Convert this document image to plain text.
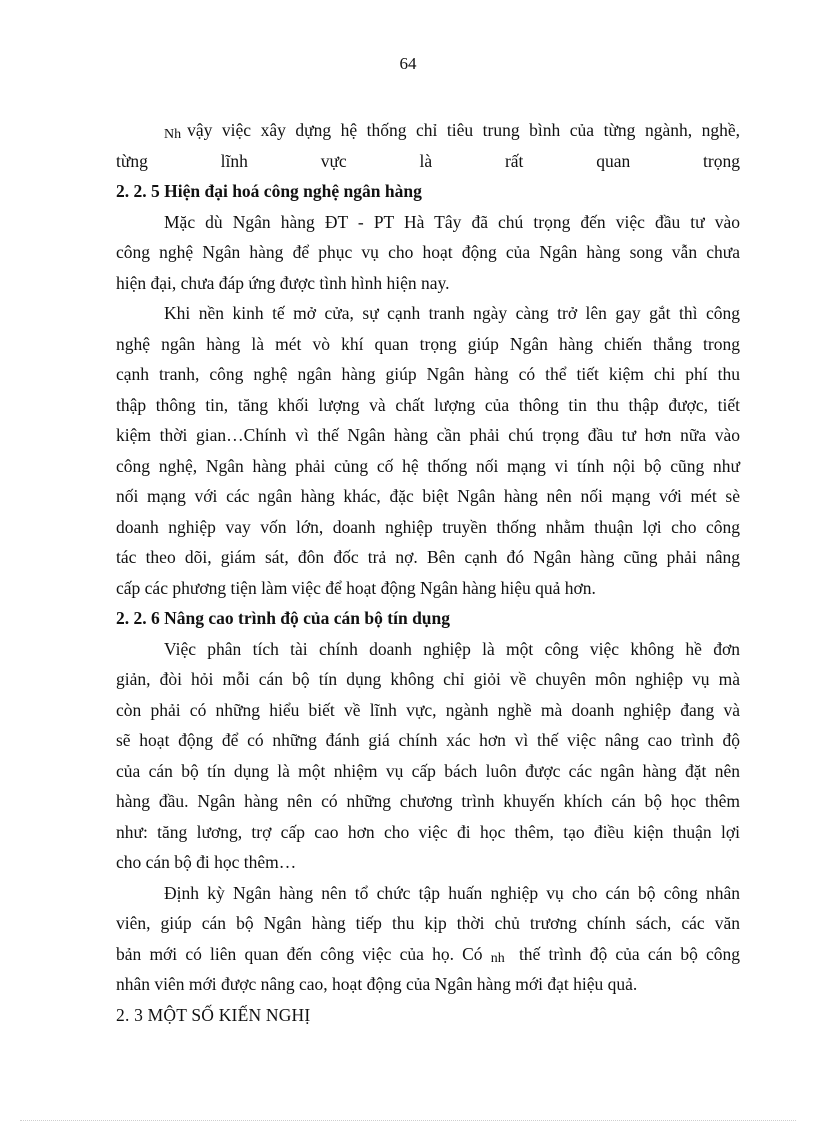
64
Nh vậy việc xây dựng hệ thống chỉ tiêu trung bình của từng ngành, nghề,
từng lĩnh vực là rất quan trọng
2. 2. 5 Hiện đại hoá công nghệ ngân hàng
Mặc dù Ngân hàng ĐT - PT Hà Tây đã chú trọng đến việc đầu tư vào
công nghệ Ngân hàng để phục vụ cho hoạt động của Ngân hàng song vẫn chưa
hiện đại, chưa đáp ứng được tình hình hiện nay.
Khi nền kinh tế mở cửa, sự cạnh tranh ngày càng trở lên gay gắt thì công
nghệ ngân hàng là mét vò khí quan trọng giúp Ngân hàng chiến thắng trong
cạnh tranh, công nghệ ngân hàng giúp Ngân hàng có thể tiết kiệm chi phí thu
thập thông tin, tăng khối lượng và chất lượng của thông tin thu thập được, tiết
kiệm thời gian…Chính vì thế Ngân hàng cần phải chú trọng đầu tư hơn nữa vào
công nghệ, Ngân hàng phải củng cố hệ thống nối mạng vi tính nội bộ cũng như
nối mạng với các ngân hàng khác, đặc biệt Ngân hàng nên nối mạng với mét sè
doanh nghiệp vay vốn lớn, doanh nghiệp truyền thống nhằm thuận lợi cho công
tác theo dõi, giám sát, đôn đốc trả nợ. Bên cạnh đó Ngân hàng cũng phải nâng
cấp các phương tiện làm việc để hoạt động Ngân hàng hiệu quả hơn.
2. 2. 6 Nâng cao trình độ của cán bộ tín dụng
Việc phân tích tài chính doanh nghiệp là một công việc không hề đơn
giản, đòi hỏi mỗi cán bộ tín dụng không chỉ giỏi về chuyên môn nghiệp vụ mà
còn phải có những hiểu biết về lĩnh vực, ngành nghề mà doanh nghiệp đang và
sẽ hoạt động để có những đánh giá chính xác hơn vì thế việc nâng cao trình độ
của cán bộ tín dụng là một nhiệm vụ cấp bách luôn được các ngân hàng đặt nên
hàng đầu. Ngân hàng nên có những chương trình khuyến khích cán bộ học thêm
như: tăng lương, trợ cấp cao hơn cho việc đi học thêm, tạo điều kiện thuận lợi
cho cán bộ đi học thêm…
Định kỳ Ngân hàng nên tổ chức tập huấn nghiệp vụ cho cán bộ công nhân
viên, giúp cán bộ Ngân hàng tiếp thu kịp thời chủ trương chính sách, các văn
bản mới có liên quan đến công việc của họ. Có nh thế trình độ của cán bộ công
nhân viên mới được nâng cao, hoạt động của Ngân hàng mới đạt hiệu quả.
2. 3 MỘT SỐ KIẾN NGHỊ
